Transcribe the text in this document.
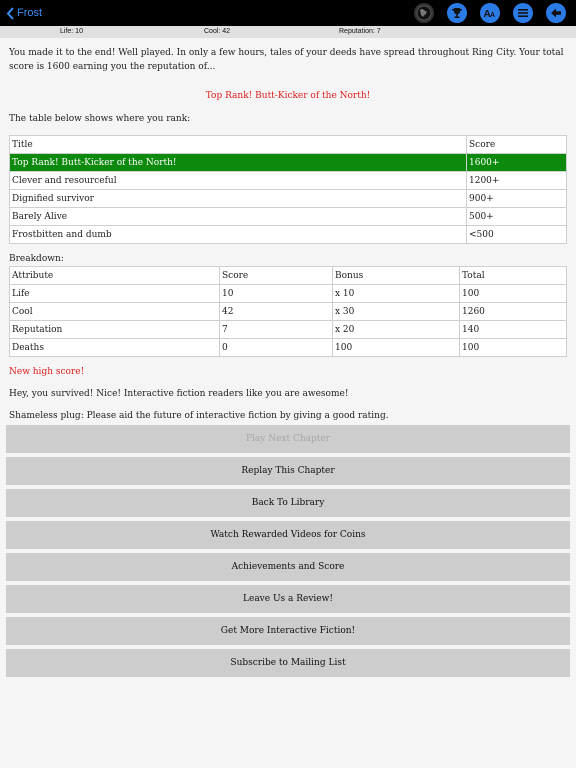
Frost	A A
Life: 10	Cool: 42	Reputation: 7

You made it to the end! Well played. In only a few hours, tales of your deeds have spread throughout Ring City. Your total score is 1600 earning you the reputation of...

Top Rank! Butt-Kicker of the North!

The table below shows where you rank:

Title	Score
Top Rank! Butt-Kicker of the North!	1600+
Clever and resourceful	1200+
Dignified survivor	900+
Barely Alive	500+
Frostbitten and dumb	<500

Breakdown:

Attribute	Score	Bonus	Total
Life	10	x 10	100
Cool	42	x 30	1260
Reputation	7	x 20	140
Deaths	0	100	100

New high score!

Hey, you survived! Nice! Interactive fiction readers like you are awesome!

Shameless plug: Please aid the future of interactive fiction by giving a good rating.

Play Next Chapter
Replay This Chapter
Back To Library
Watch Rewarded Videos for Coins
Achievements and Score
Leave Us a Review!
Get More Interactive Fiction!
Subscribe to Mailing List
